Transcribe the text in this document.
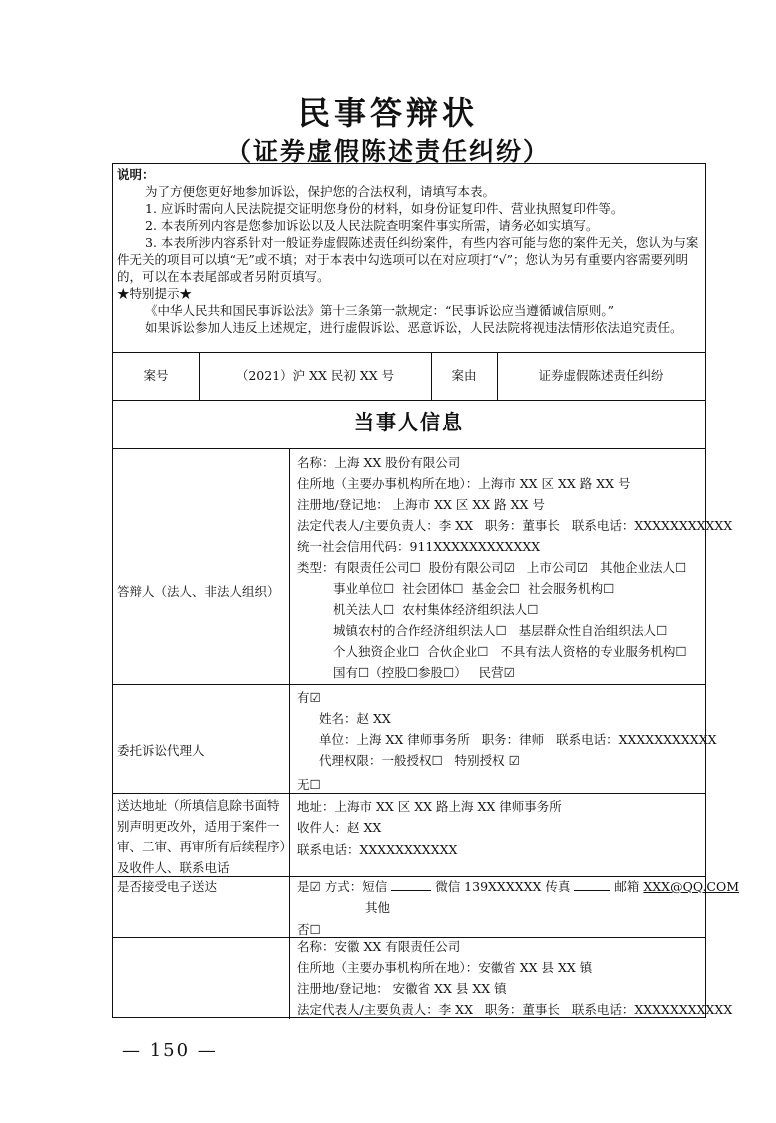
民事答辩状
（证券虚假陈述责任纠纷）
说明：
为了方便您更好地参加诉讼，保护您的合法权利，请填写本表。
1. 应诉时需向人民法院提交证明您身份的材料，如身份证复印件、营业执照复印件等。
2. 本表所列内容是您参加诉讼以及人民法院查明案件事实所需，请务必如实填写。
3. 本表所涉内容系针对一般证券虚假陈述责任纠纷案件，有些内容可能与您的案件无关，您认为与案件无关的项目可以填“无”或不填；对于本表中勾选项可以在对应项打“√”；您认为另有重要内容需要列明的，可以在本表尾部或者另附页填写。
★特别提示★
《中华人民共和国民事诉讼法》第十三条第一款规定：“民事诉讼应当遵循诚信原则。”
如果诉讼参加人违反上述规定，进行虚假诉讼、恶意诉讼，人民法院将视违法情形依法追究责任。
案号	（2021）沪 XX 民初 XX 号	案由	证券虚假陈述责任纠纷
当事人信息
答辩人（法人、非法人组织）
名称：上海 XX 股份有限公司
住所地（主要办事机构所在地）：上海市 XX 区 XX 路 XX 号
注册地/登记地： 上海市 XX 区 XX 路 XX 号
法定代表人/主要负责人：李 XX 职务：董事长 联系电话：XXXXXXXXXXX
统一社会信用代码：911XXXXXXXXXXXX
类型：有限责任公司☐ 股份有限公司☑ 上市公司☑ 其他企业法人☐
事业单位☐ 社会团体☐ 基金会☐ 社会服务机构☐
机关法人☐ 农村集体经济组织法人☐
城镇农村的合作经济组织法人☐ 基层群众性自治组织法人☐
个人独资企业☐ 合伙企业☐ 不具有法人资格的专业服务机构☐
国有☐（控股☐参股☐） 民营☑
委托诉讼代理人
有☑
姓名：赵 XX
单位：上海 XX 律师事务所 职务：律师 联系电话：XXXXXXXXXXX
代理权限：一般授权☐ 特别授权 ☑
无☐
送达地址（所填信息除书面特别声明更改外，适用于案件一审、二审、再审所有后续程序）及收件人、联系电话
地址：上海市 XX 区 XX 路上海 XX 律师事务所
收件人：赵 XX
联系电话：XXXXXXXXXXX
是否接受电子送达	是☑ 方式：短信	微信 139XXXXXX 传真	邮箱 XXX@QQ.COM
其他
否☐
名称：安徽 XX 有限责任公司
住所地（主要办事机构所在地）：安徽省 XX 县 XX 镇
注册地/登记地： 安徽省 XX 县 XX 镇
法定代表人/主要负责人：李 XX 职务：董事长 联系电话：XXXXXXXXXXX
— 150 —
